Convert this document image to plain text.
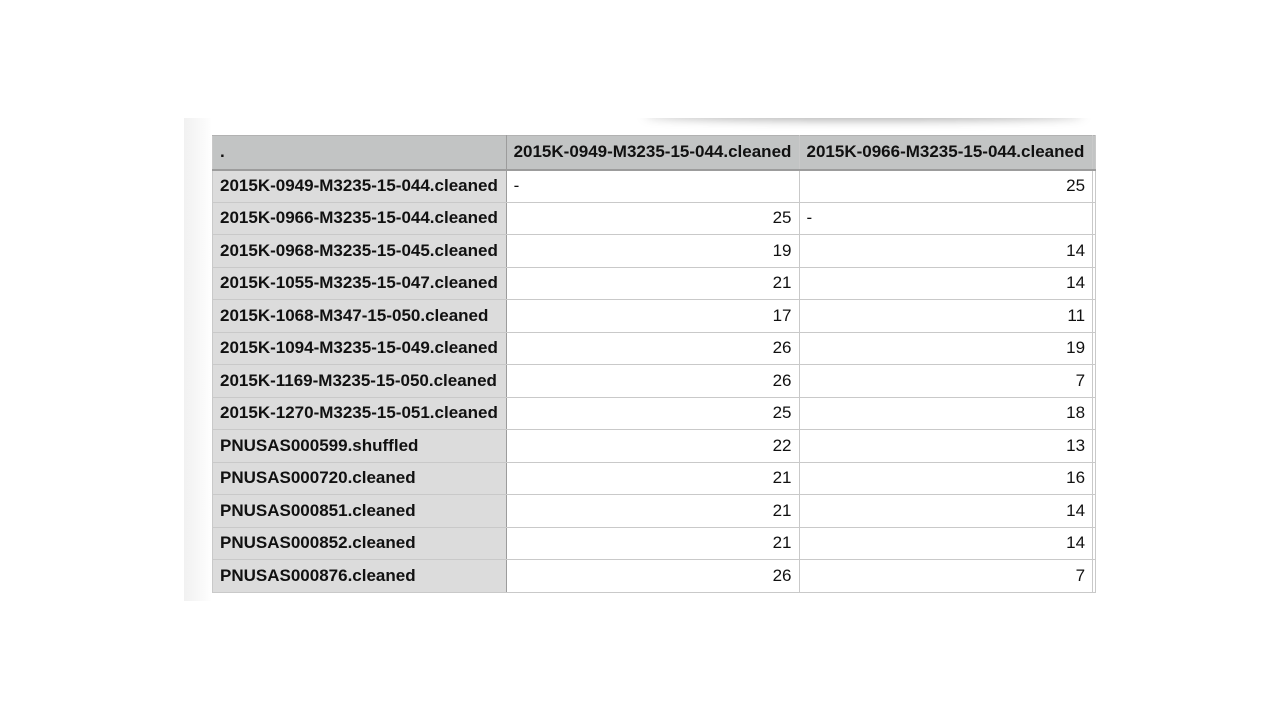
.	2015K-0949-M3235-15-044.cleaned	2015K-0966-M3235-15-044.cleaned	
2015K-0949-M3235-15-044.cleaned	-	25	
2015K-0966-M3235-15-044.cleaned	25	-	
2015K-0968-M3235-15-045.cleaned	19	14	
2015K-1055-M3235-15-047.cleaned	21	14	
2015K-1068-M347-15-050.cleaned	17	11	
2015K-1094-M3235-15-049.cleaned	26	19	
2015K-1169-M3235-15-050.cleaned	26	7	
2015K-1270-M3235-15-051.cleaned	25	18	
PNUSAS000599.shuffled	22	13	
PNUSAS000720.cleaned	21	16	
PNUSAS000851.cleaned	21	14	
PNUSAS000852.cleaned	21	14	
PNUSAS000876.cleaned	26	7	
